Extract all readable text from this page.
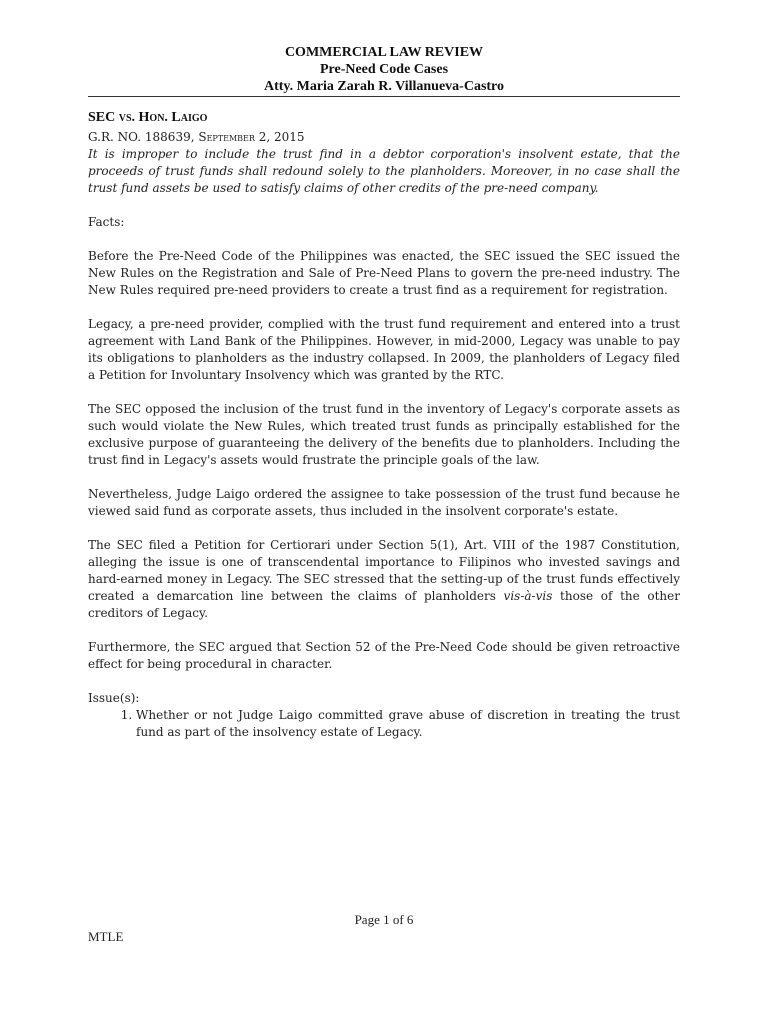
COMMERCIAL LAW REVIEW
Pre-Need Code Cases
Atty. Maria Zarah R. Villanueva-Castro

SEC vs. Hon. Laigo

G.R. NO. 188639, September 2, 2015

It is improper to include the trust find in a debtor corporation's insolvent estate, that the proceeds of trust funds shall redound solely to the planholders. Moreover, in no case shall the trust fund assets be used to satisfy claims of other credits of the pre-need company.

Facts:

Before the Pre-Need Code of the Philippines was enacted, the SEC issued the SEC issued the New Rules on the Registration and Sale of Pre-Need Plans to govern the pre-need industry. The New Rules required pre-need providers to create a trust find as a requirement for registration.

Legacy, a pre-need provider, complied with the trust fund requirement and entered into a trust agreement with Land Bank of the Philippines. However, in mid-2000, Legacy was unable to pay its obligations to planholders as the industry collapsed. In 2009, the planholders of Legacy filed a Petition for Involuntary Insolvency which was granted by the RTC.

The SEC opposed the inclusion of the trust fund in the inventory of Legacy's corporate assets as such would violate the New Rules, which treated trust funds as principally established for the exclusive purpose of guaranteeing the delivery of the benefits due to planholders. Including the trust find in Legacy's assets would frustrate the principle goals of the law.

Nevertheless, Judge Laigo ordered the assignee to take possession of the trust fund because he viewed said fund as corporate assets, thus included in the insolvent corporate's estate.

The SEC filed a Petition for Certiorari under Section 5(1), Art. VIII of the 1987 Constitution, alleging the issue is one of transcendental importance to Filipinos who invested savings and hard-earned money in Legacy. The SEC stressed that the setting-up of the trust funds effectively created a demarcation line between the claims of planholders vis-à-vis those of the other creditors of Legacy.

Furthermore, the SEC argued that Section 52 of the Pre-Need Code should be given retroactive effect for being procedural in character.

Issue(s):

1. Whether or not Judge Laigo committed grave abuse of discretion in treating the trust fund as part of the insolvency estate of Legacy.
Page 1 of 6
MTLE
